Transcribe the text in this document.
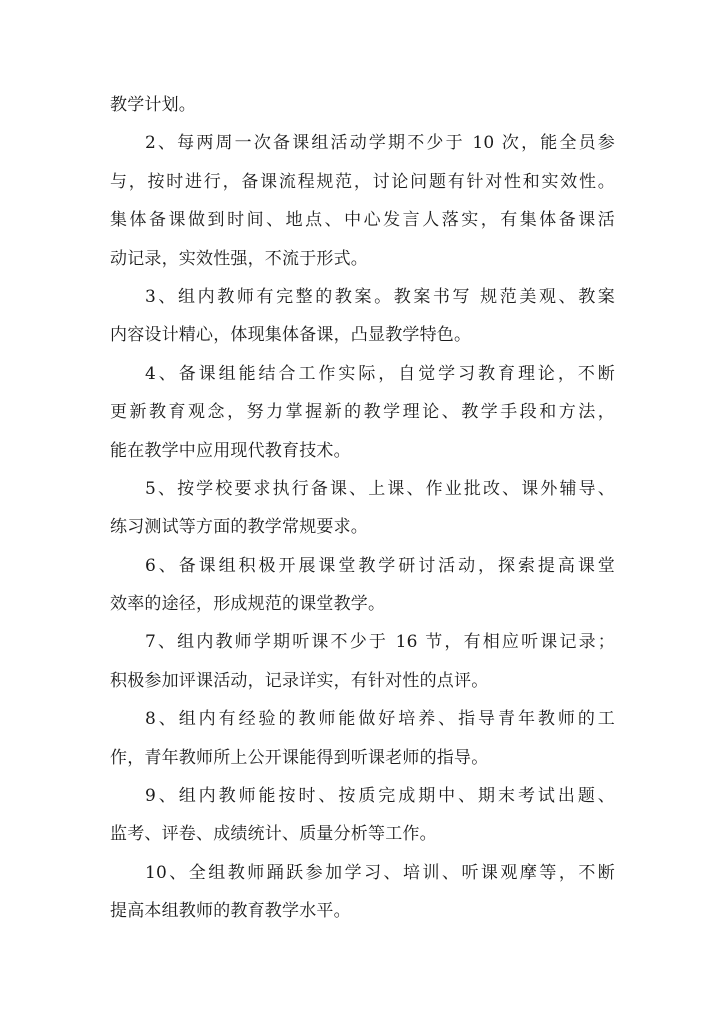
教学计划。
2、每两周一次备课组活动学期不少于 10 次，能全员参
与，按时进行，备课流程规范，讨论问题有针对性和实效性。
集体备课做到时间、地点、中心发言人落实，有集体备课活
动记录，实效性强，不流于形式。
3、组内教师有完整的教案。教案书写 规范美观、教案
内容设计精心，体现集体备课，凸显教学特色。
4、备课组能结合工作实际，自觉学习教育理论，不断
更新教育观念，努力掌握新的教学理论、教学手段和方法，
能在教学中应用现代教育技术。
5、按学校要求执行备课、上课、作业批改、课外辅导、
练习测试等方面的教学常规要求。
6、备课组积极开展课堂教学研讨活动，探索提高课堂
效率的途径，形成规范的课堂教学。
7、组内教师学期听课不少于 16 节，有相应听课记录；
积极参加评课活动，记录详实，有针对性的点评。
8、组内有经验的教师能做好培养、指导青年教师的工
作，青年教师所上公开课能得到听课老师的指导。
9、组内教师能按时、按质完成期中、期末考试出题、
监考、评卷、成绩统计、质量分析等工作。
10、全组教师踊跃参加学习、培训、听课观摩等，不断
提高本组教师的教育教学水平。
